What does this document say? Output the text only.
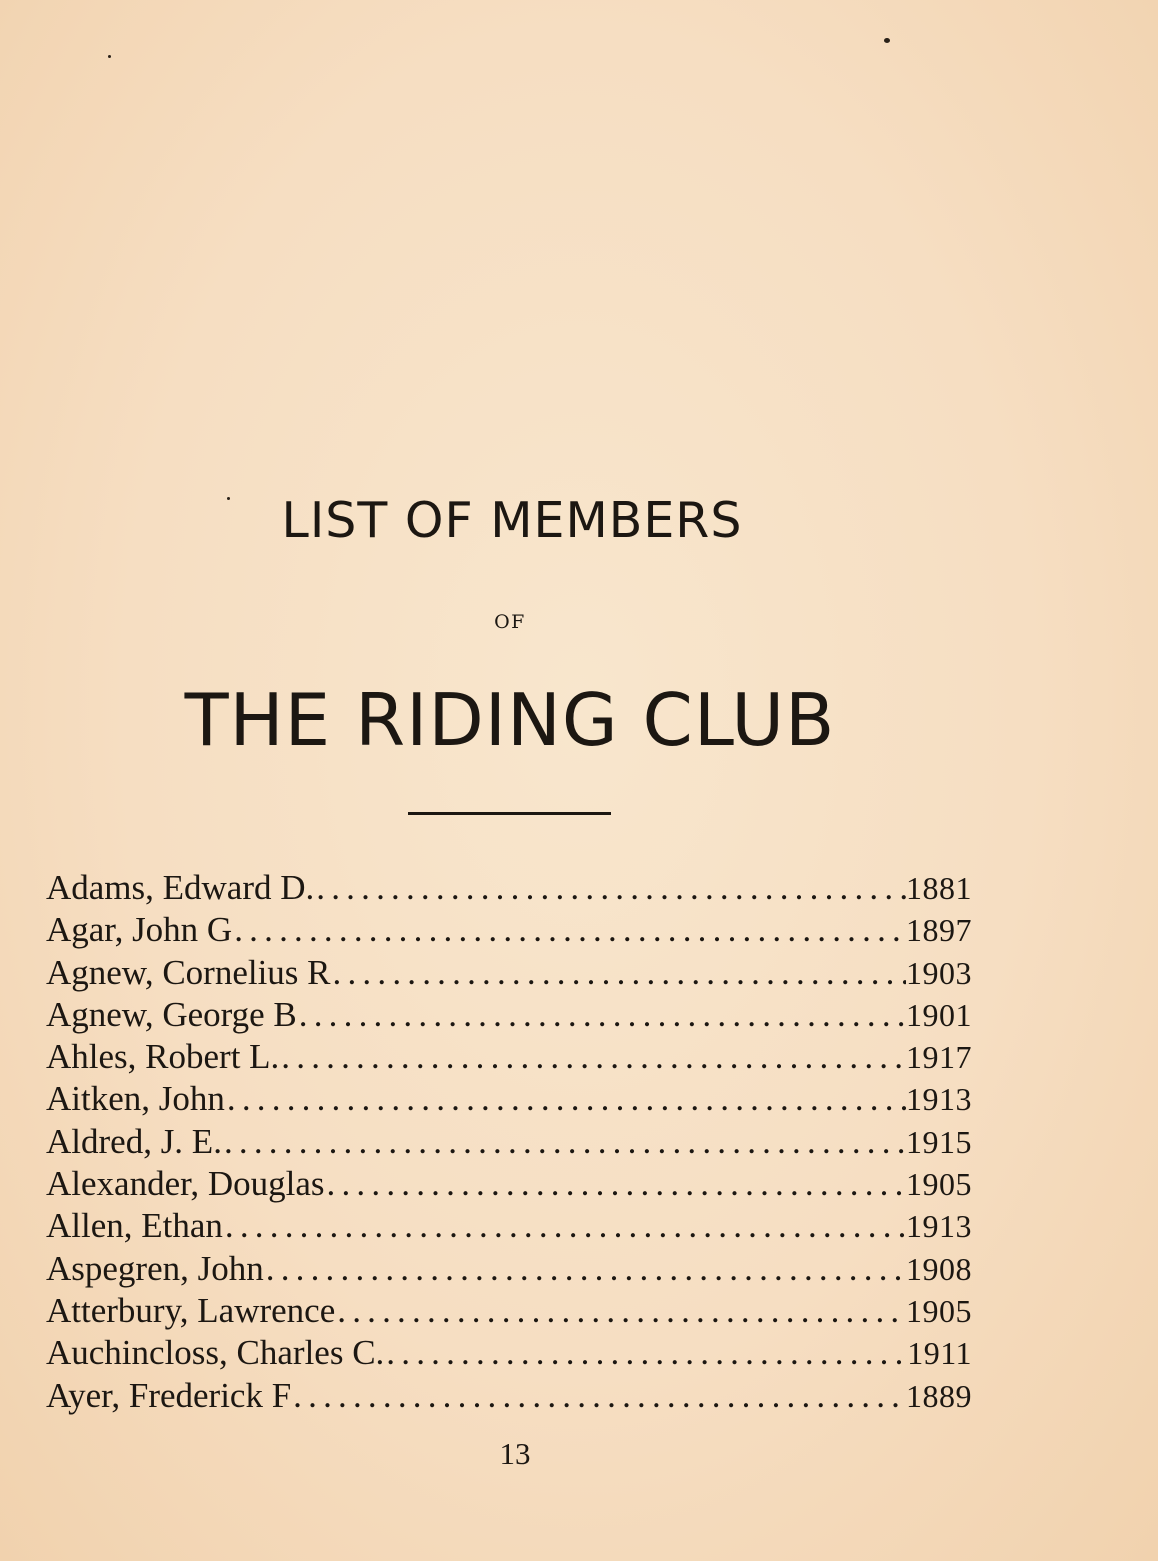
LIST OF MEMBERS
OF
THE RIDING CLUB
Adams, Edward D. .....	1881
Agar, John G .....	1897
Agnew, Cornelius R .....	1903
Agnew, George B .....	1901
Ahles, Robert L. .....	1917
Aitken, John .....	1913
Aldred, J. E. .....	1915
Alexander, Douglas .....	1905
Allen, Ethan .....	1913
Aspegren, John .....	1908
Atterbury, Lawrence .....	1905
Auchincloss, Charles C. .....	1911
Ayer, Frederick F .....	1889
13
